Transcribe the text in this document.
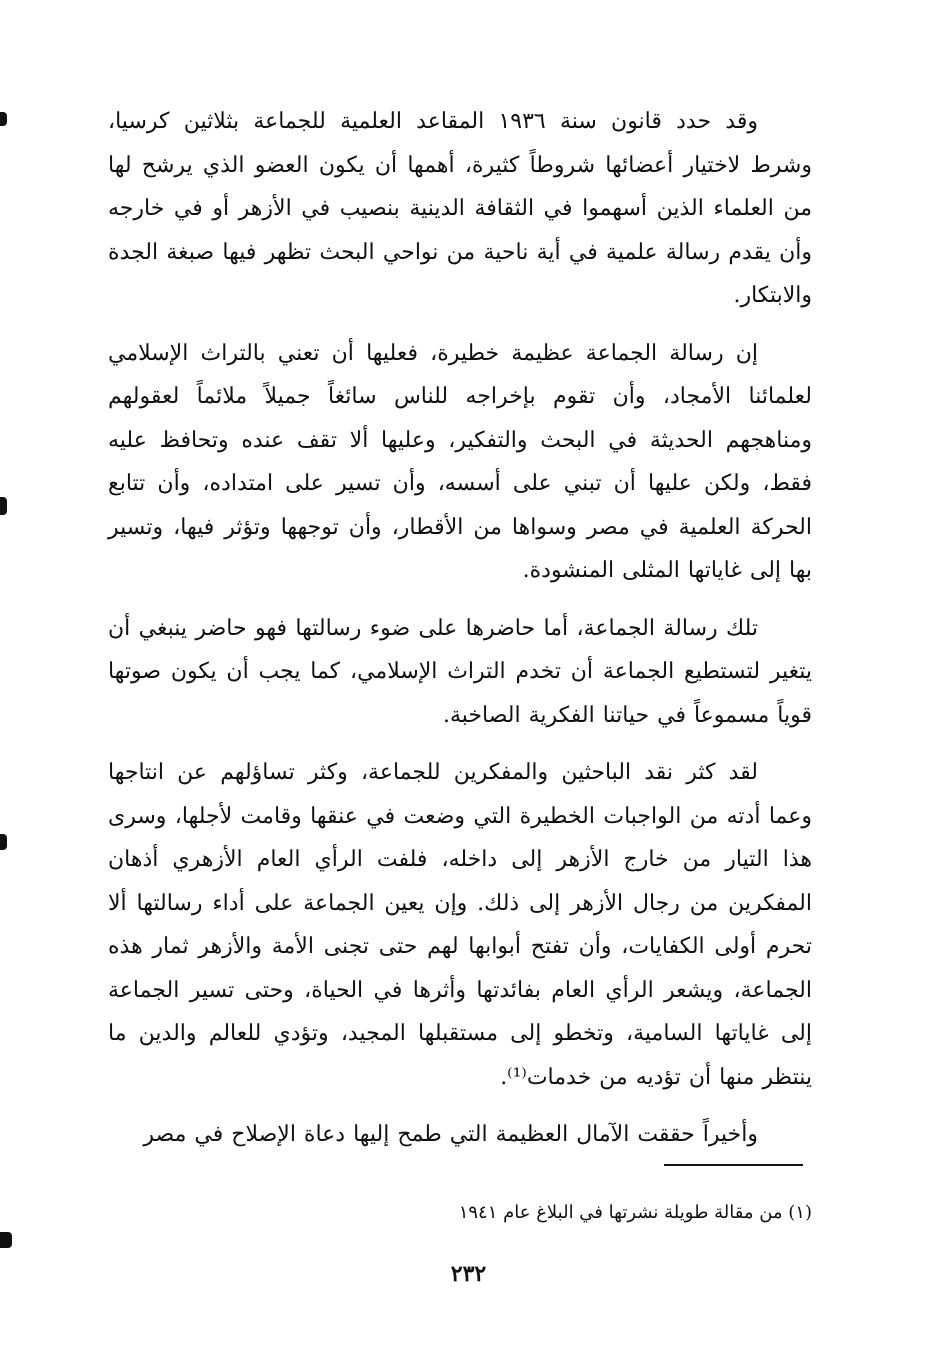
وقد حدد قانون سنة ١٩٣٦ المقاعد العلمية للجماعة بثلاثين كرسيا، وشرط لاختيار أعضائها شروطاً كثيرة، أهمها أن يكون العضو الذي يرشح لها من العلماء الذين أسهموا في الثقافة الدينية بنصيب في الأزهر أو في خارجه وأن يقدم رسالة علمية في أية ناحية من نواحي البحث تظهر فيها صبغة الجدة والابتكار.

إن رسالة الجماعة عظيمة خطيرة، فعليها أن تعني بالتراث الإسلامي لعلمائنا الأمجاد، وأن تقوم بإخراجه للناس سائغاً جميلاً ملائماً لعقولهم ومناهجهم الحديثة في البحث والتفكير، وعليها ألا تقف عنده وتحافظ عليه فقط، ولكن عليها أن تبني على أسسه، وأن تسير على امتداده، وأن تتابع الحركة العلمية في مصر وسواها من الأقطار، وأن توجهها وتؤثر فيها، وتسير بها إلى غاياتها المثلى المنشودة.

تلك رسالة الجماعة، أما حاضرها على ضوء رسالتها فهو حاضر ينبغي أن يتغير لتستطيع الجماعة أن تخدم التراث الإسلامي، كما يجب أن يكون صوتها قوياً مسموعاً في حياتنا الفكرية الصاخبة.

لقد كثر نقد الباحثين والمفكرين للجماعة، وكثر تساؤلهم عن انتاجها وعما أدته من الواجبات الخطيرة التي وضعت في عنقها وقامت لأجلها، وسرى هذا التيار من خارج الأزهر إلى داخله، فلفت الرأي العام الأزهري أذهان المفكرين من رجال الأزهر إلى ذلك. وإن يعين الجماعة على أداء رسالتها ألا تحرم أولى الكفايات، وأن تفتح أبوابها لهم حتى تجنى الأمة والأزهر ثمار هذه الجماعة، ويشعر الرأي العام بفائدتها وأثرها في الحياة، وحتى تسير الجماعة إلى غاياتها السامية، وتخطو إلى مستقبلها المجيد، وتؤدي للعالم والدين ما ينتظر منها أن تؤديه من خدمات⁽¹⁾.

وأخيراً حققت الآمال العظيمة التي طمح إليها دعاة الإصلاح في مصر

(١) من مقالة طويلة نشرتها في البلاغ عام ١٩٤١
٢٣٢
